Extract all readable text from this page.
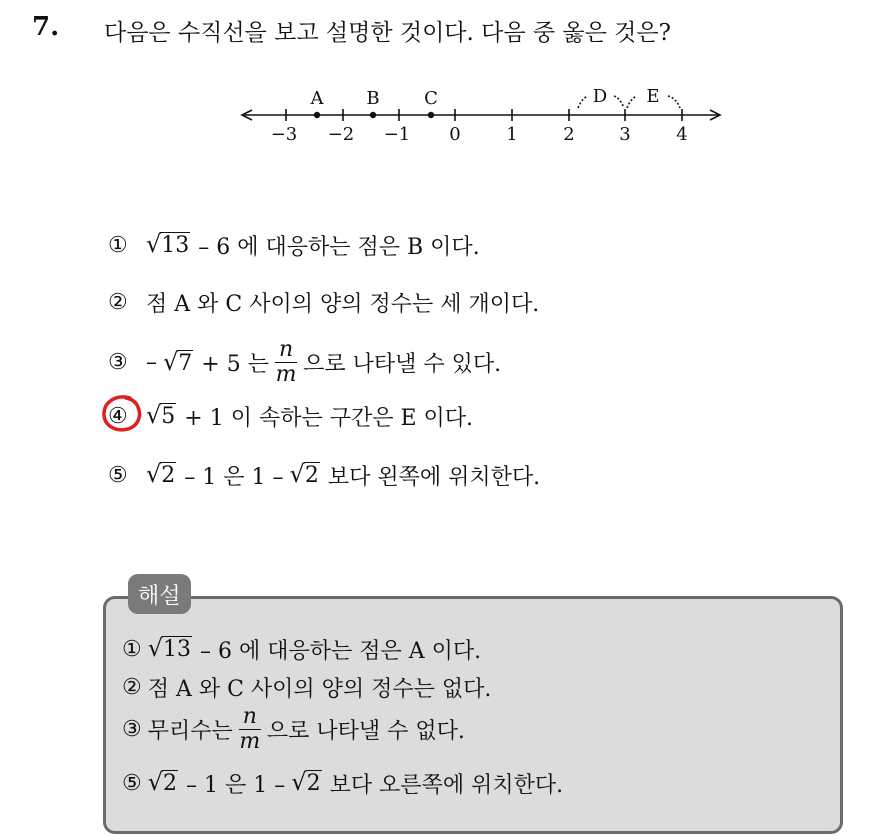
7. 다음은 수직선을 보고 설명한 것이다. 다음 중 옳은 것은?
A B C	D E
−3 −2 −1 0	1	2 3	4
① √ 13 – 6 에 대응하는 점은 B 이다.
② 점 A 와 C 사이의 양의 정수는 세 개이다.
③ – √ 7 + 5 는 $\frac{n}{m}$ 으로 나타낼 수 있다.
④ √ 5 + 1 이 속하는 구간은 E 이다.
⑤ √ 2 – 1 은 1 – √ 2 보다 왼쪽에 위치한다.
해설
① √ 13 – 6 에 대응하는 점은 A 이다.
② 점 A 와 C 사이의 양의 정수는 없다.
③ 무리수는 $\frac{n}{m}$ 으로 나타낼 수 없다.
⑤ √ 2 – 1 은 1 – √ 2 보다 오른쪽에 위치한다.
